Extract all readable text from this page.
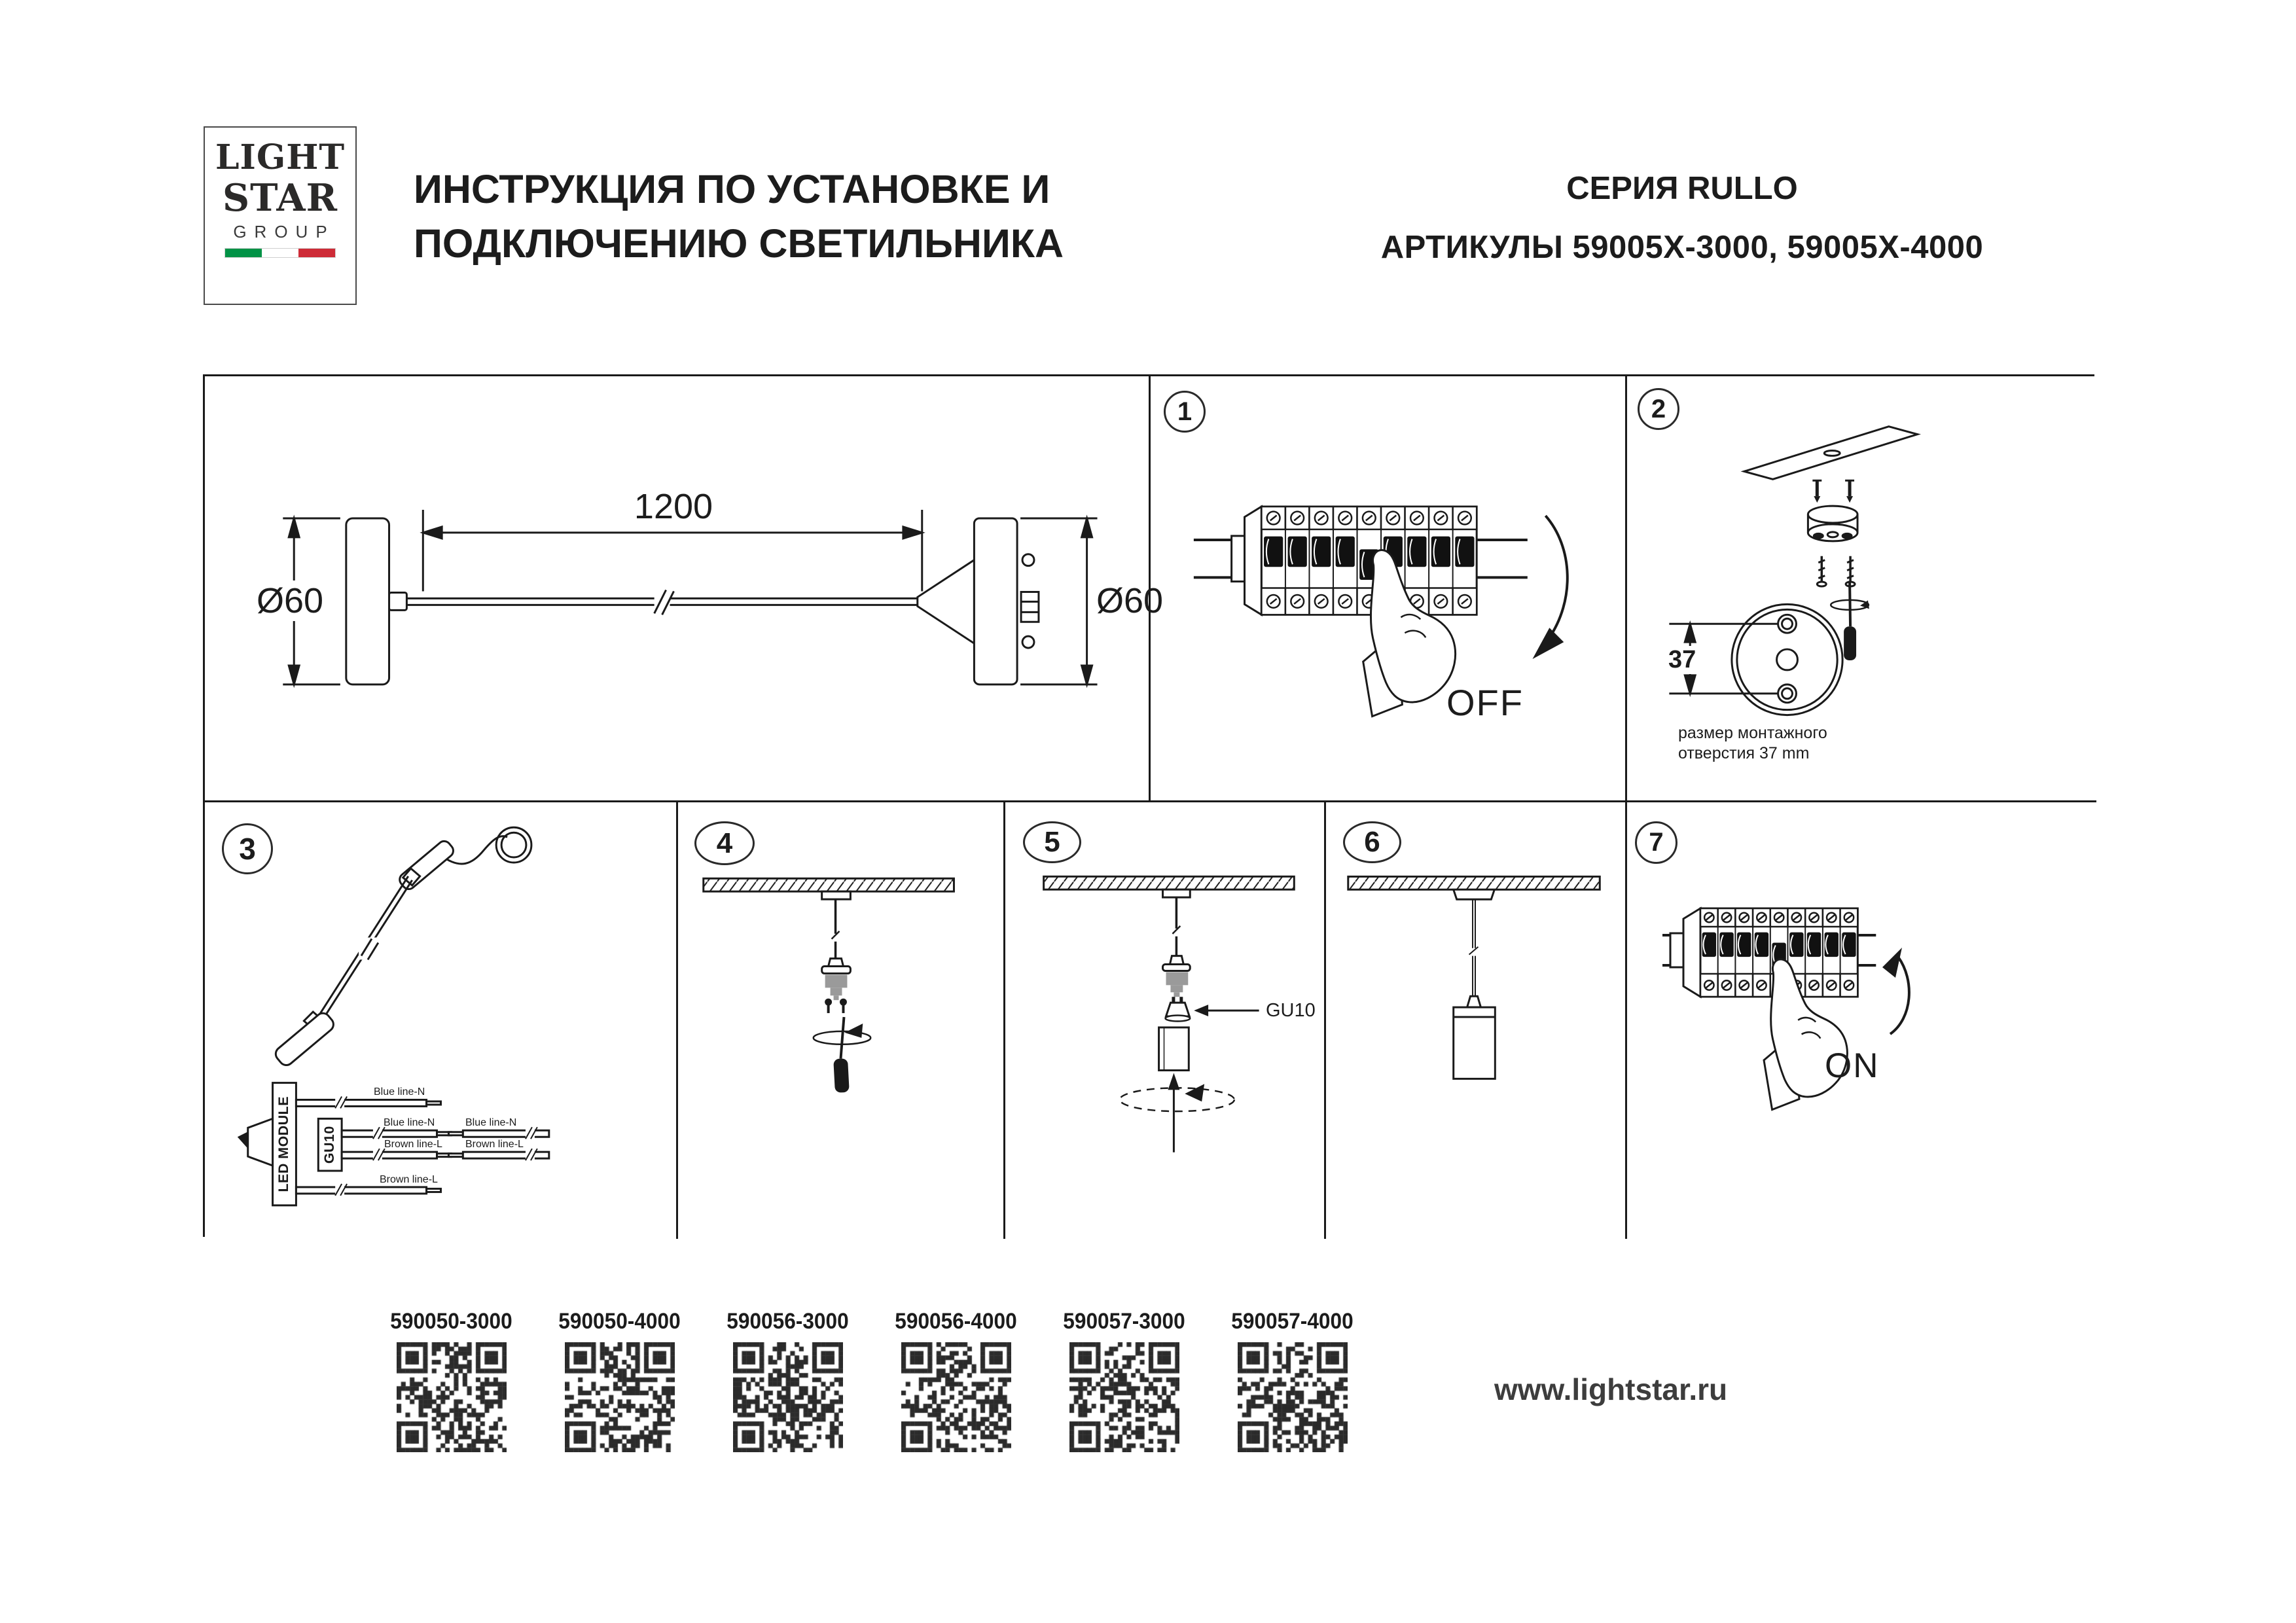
LIGHT
STAR
GROUP
ИНСТРУКЦИЯ ПО УСТАНОВКЕ И
ПОДКЛЮЧЕНИЮ СВЕТИЛЬНИКА
СЕРИЯ RULLO
АРТИКУЛЫ 59005X-3000, 59005X-4000
1200
Ø60	Ø60
1
OFF
2
37
размер монтажного
отверстия 37 mm
3
LED MODULE GU10
Blue line-N
Blue line-N
Brown line-L
Brown line-L
Blue line-N
Brown line-L
4	5
GU10
6	7
ON
590050-3000	590050-4000	590056-3000	590056-4000	590057-3000	590057-4000
www.lightstar.ru
